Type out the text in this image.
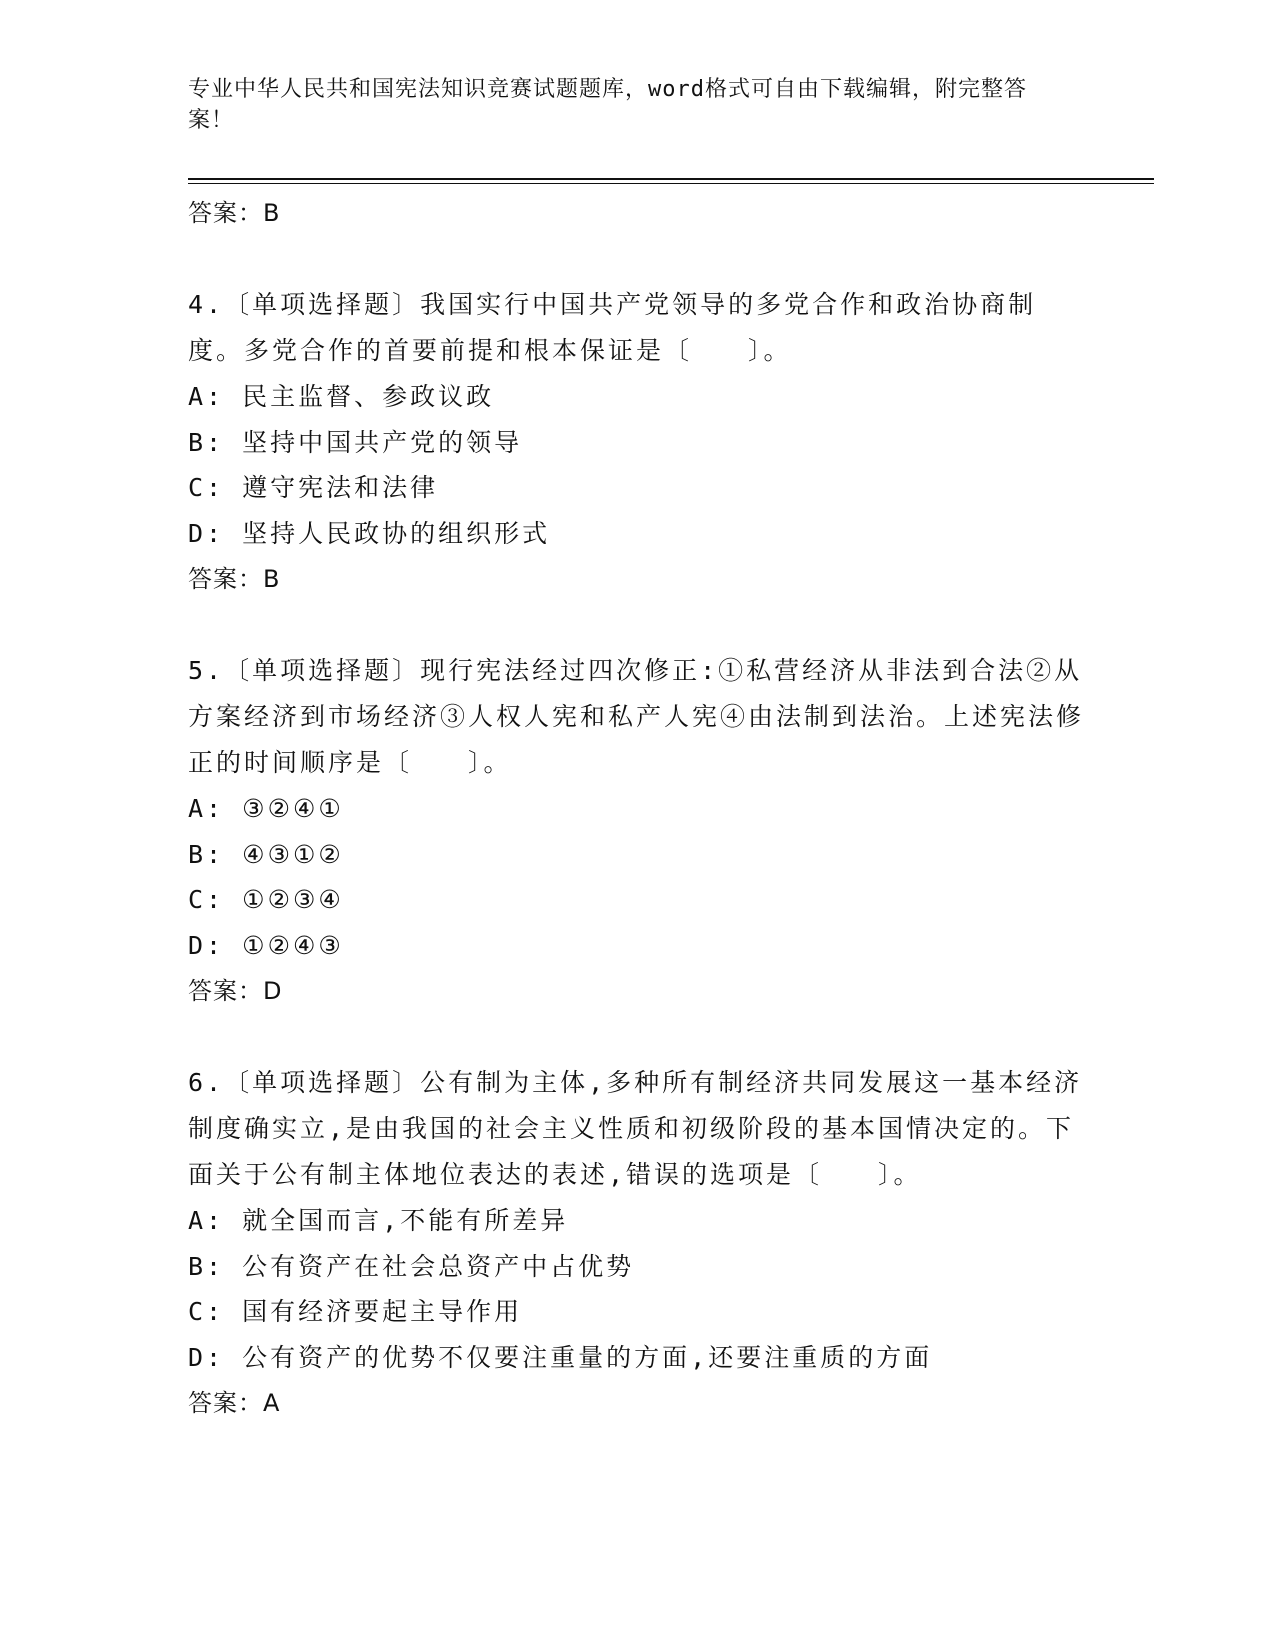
专业中华人民共和国宪法知识竞赛试题题库，word格式可自由下载编辑，附完整答案！
答案：B
4.〔单项选择题〕我国实行中国共产党领导的多党合作和政治协商制度。多党合作的首要前提和根本保证是〔　　〕。
A: 民主监督、参政议政
B: 坚持中国共产党的领导
C: 遵守宪法和法律
D: 坚持人民政协的组织形式
答案：B
5.〔单项选择题〕现行宪法经过四次修正:①私营经济从非法到合法②从方案经济到市场经济③人权人宪和私产人宪④由法制到法治。上述宪法修正的时间顺序是〔　　〕。
A: ③②④①
B: ④③①②
C: ①②③④
D: ①②④③
答案：D
6.〔单项选择题〕公有制为主体,多种所有制经济共同发展这一基本经济制度确实立,是由我国的社会主义性质和初级阶段的基本国情决定的。下面关于公有制主体地位表达的表述,错误的选项是〔　　〕。
A: 就全国而言,不能有所差异
B: 公有资产在社会总资产中占优势
C: 国有经济要起主导作用
D: 公有资产的优势不仅要注重量的方面,还要注重质的方面
答案：A
